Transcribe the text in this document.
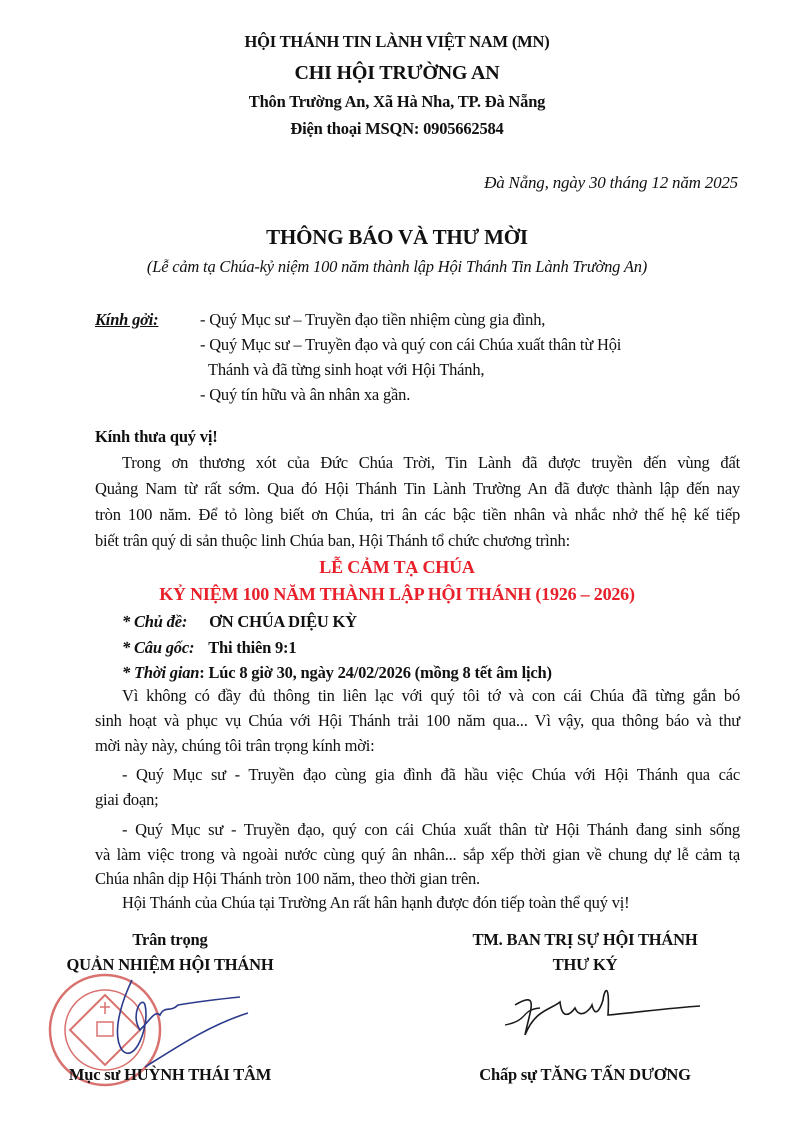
HỘI THÁNH TIN LÀNH VIỆT NAM (MN)
CHI HỘI TRƯỜNG AN
Thôn Trường An, Xã Hà Nha, TP. Đà Nẵng
Điện thoại MSQN: 0905662584
Đà Nẵng, ngày 30 tháng 12 năm 2025
THÔNG BÁO VÀ THƯ MỜI
(Lễ cảm tạ Chúa-kỷ niệm 100 năm thành lập Hội Thánh Tin Lành Trường An)
Kính gởi:	- Quý Mục sư – Truyền đạo tiền nhiệm cùng gia đình,
- Quý Mục sư – Truyền đạo và quý con cái Chúa xuất thân từ Hội
Thánh và đã từng sinh hoạt với Hội Thánh,
- Quý tín hữu và ân nhân xa gần.
Kính thưa quý vị!
Trong ơn thương xót của Đức Chúa Trời, Tin Lành đã được truyền đến vùng đất
Quảng Nam từ rất sớm. Qua đó Hội Thánh Tin Lành Trường An đã được thành lập đến nay
tròn 100 năm. Để tỏ lòng biết ơn Chúa, tri ân các bậc tiền nhân và nhắc nhở thế hệ kế tiếp
biết trân quý di sản thuộc linh Chúa ban, Hội Thánh tổ chức chương trình:
LỄ CẢM TẠ CHÚA
KỶ NIỆM 100 NĂM THÀNH LẬP HỘI THÁNH (1926 – 2026)
* Chủ đề: ƠN CHÚA DIỆU KỲ
* Câu gốc: Thi thiên 9:1
* Thời gian: Lúc 8 giờ 30, ngày 24/02/2026 (mồng 8 tết âm lịch)
Vì không có đầy đủ thông tin liên lạc với quý tôi tớ và con cái Chúa đã từng gắn bó
sinh hoạt và phục vụ Chúa với Hội Thánh trải 100 năm qua... Vì vậy, qua thông báo và thư
mời này này, chúng tôi trân trọng kính mời:
- Quý Mục sư - Truyền đạo cùng gia đình đã hầu việc Chúa với Hội Thánh qua các
giai đoạn;
- Quý Mục sư - Truyền đạo, quý con cái Chúa xuất thân từ Hội Thánh đang sinh sống
và làm việc trong và ngoài nước cùng quý ân nhân... sắp xếp thời gian về chung dự lễ cảm tạ
Chúa nhân dịp Hội Thánh tròn 100 năm, theo thời gian trên.
Hội Thánh của Chúa tại Trường An rất hân hạnh được đón tiếp toàn thể quý vị!
Trân trọng
QUẢN NHIỆM HỘI THÁNH
TM. BAN TRỊ SỰ HỘI THÁNH
THƯ KÝ
Mục sư HUỲNH THÁI TÂM	Chấp sự TĂNG TẤN DƯƠNG
